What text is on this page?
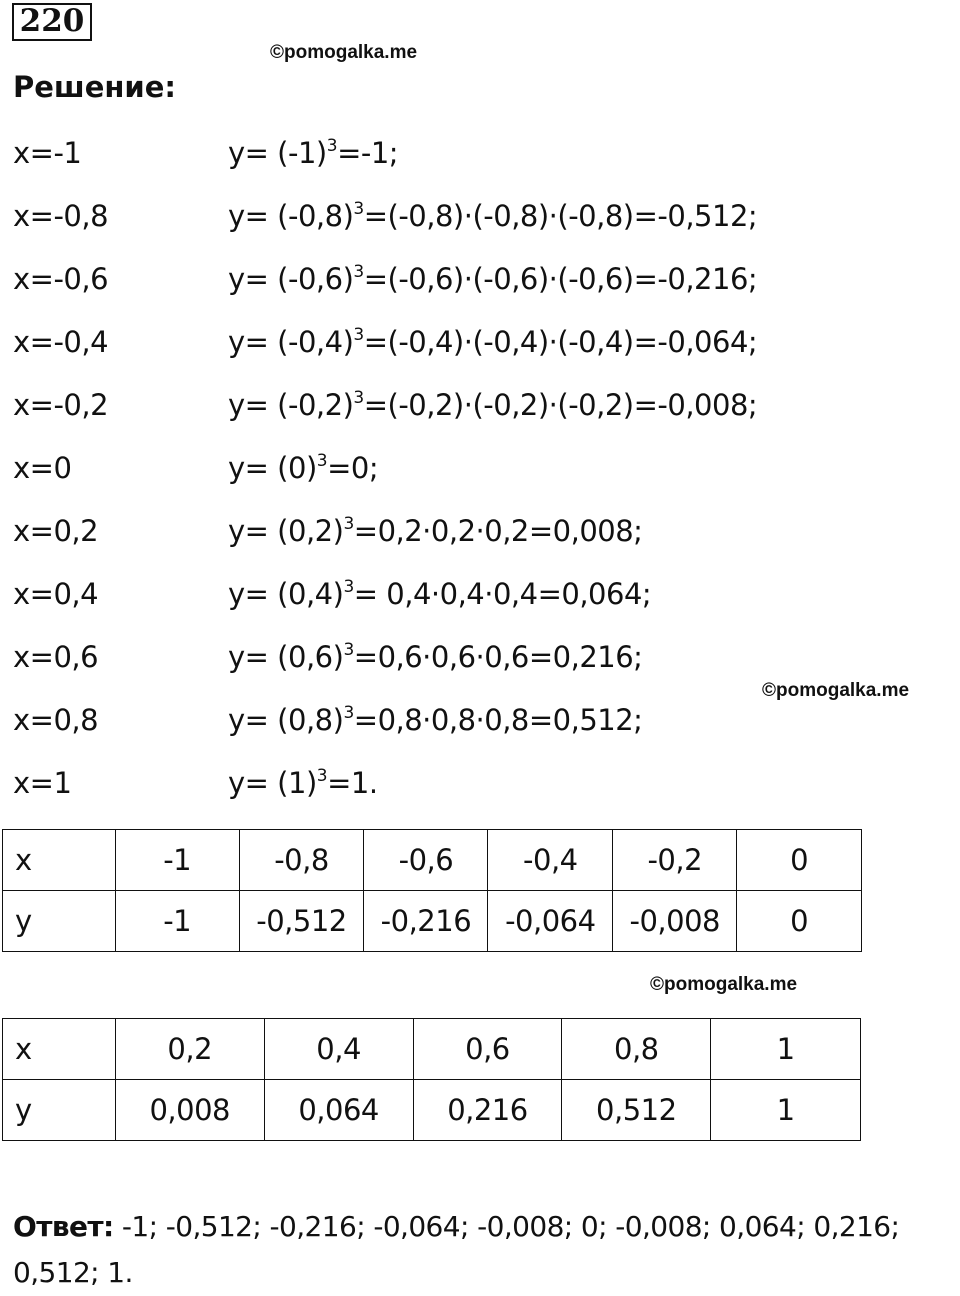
220
©pomogalka.me
Решение:
x=-1	$y= (-1)^3=-1$;
x=-0,8	$y= (-0,8)^3=(-0,8)\cdot(-0,8)\cdot(-0,8)=-0,512$;
x=-0,6	$y= (-0,6)^3=(-0,6)\cdot(-0,6)\cdot(-0,6)=-0,216$;
x=-0,4	$y= (-0,4)^3=(-0,4)\cdot(-0,4)\cdot(-0,4)=-0,064$;
x=-0,2	$y= (-0,2)^3=(-0,2)\cdot(-0,2)\cdot(-0,2)=-0,008$;
x=0	$y= (0)^3=0$;
x=0,2	$y= (0,2)^3=0,2\cdot 0,2\cdot 0,2=0,008$;
x=0,4	$y= (0,4)^3= 0,4\cdot 0,4\cdot 0,4=0,064$;
x=0,6	$y= (0,6)^3=0,6\cdot 0,6\cdot 0,6=0,216$;
x=0,8	$y= (0,8)^3=0,8\cdot 0,8\cdot 0,8=0,512$;
x=1	$y= (1)^3=1$.
©pomogalka.me
x	-1	-0,8	-0,6	-0,4	-0,2	0
y	-1	-0,512	-0,216	-0,064	-0,008	0
©pomogalka.me
x	0,2	0,4	0,6	0,8	1
y	0,008	0,064	0,216	0,512	1
Ответ: -1; -0,512; -0,216; -0,064; -0,008; 0; -0,008; 0,064; 0,216; 0,512; 1.
